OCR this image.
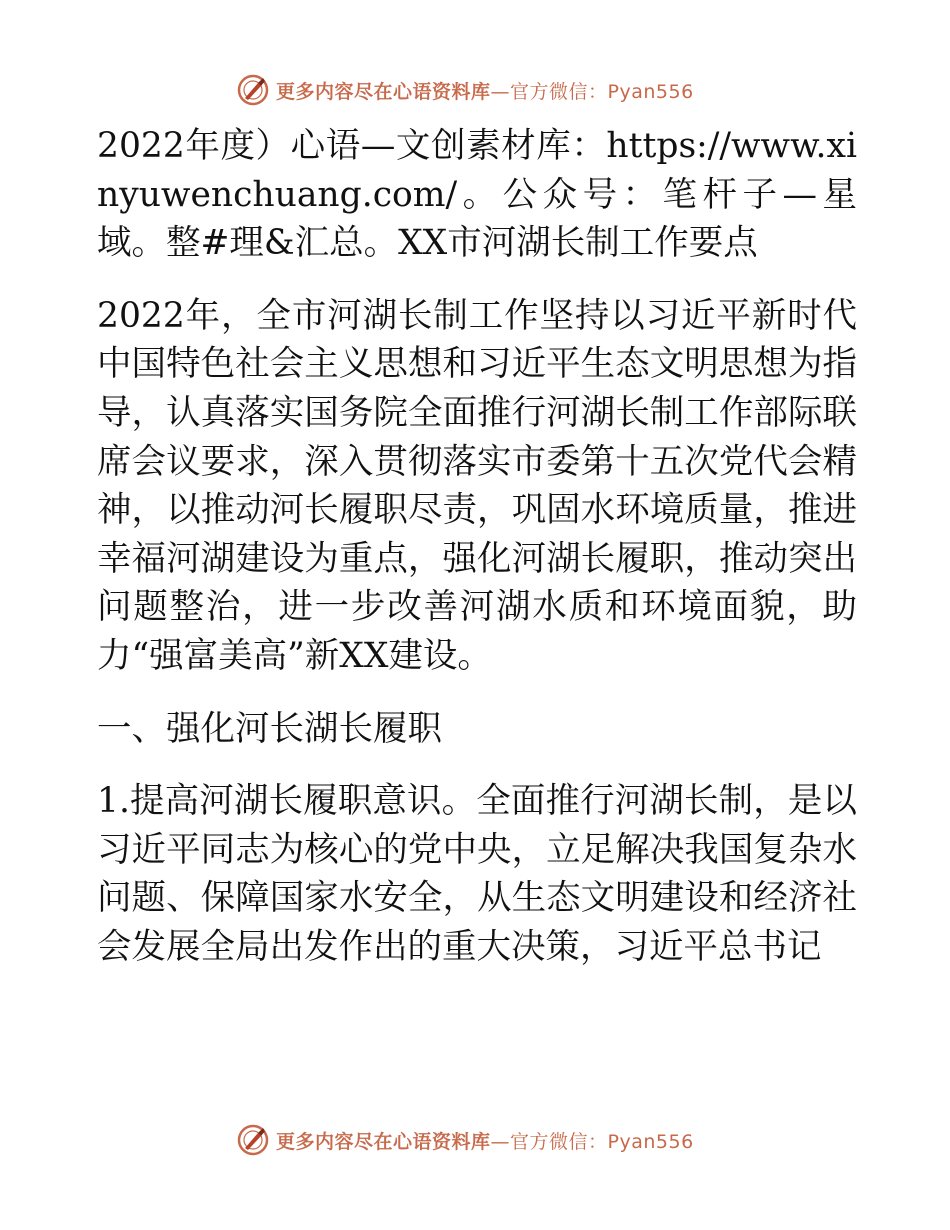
更多内容尽在心语资料库—官方微信：Pyan556

2022年度）心语—文创素材库：https://www.xinyuwenchuang.com/。公众号：笔杆子—星域。整#理&汇总。XX市河湖长制工作要点

2022年，全市河湖长制工作坚持以习近平新时代中国特色社会主义思想和习近平生态文明思想为指导，认真落实国务院全面推行河湖长制工作部际联席会议要求，深入贯彻落实市委第十五次党代会精神，以推动河长履职尽责，巩固水环境质量，推进幸福河湖建设为重点，强化河湖长履职，推动突出问题整治，进一步改善河湖水质和环境面貌，助力“强富美高”新XX建设。

一、强化河长湖长履职

1.提高河湖长履职意识。全面推行河湖长制，是以习近平同志为核心的党中央，立足解决我国复杂水问题、保障国家水安全，从生态文明建设和经济社会发展全局出发作出的重大决策，习近平总书记

更多内容尽在心语资料库—官方微信：Pyan556
